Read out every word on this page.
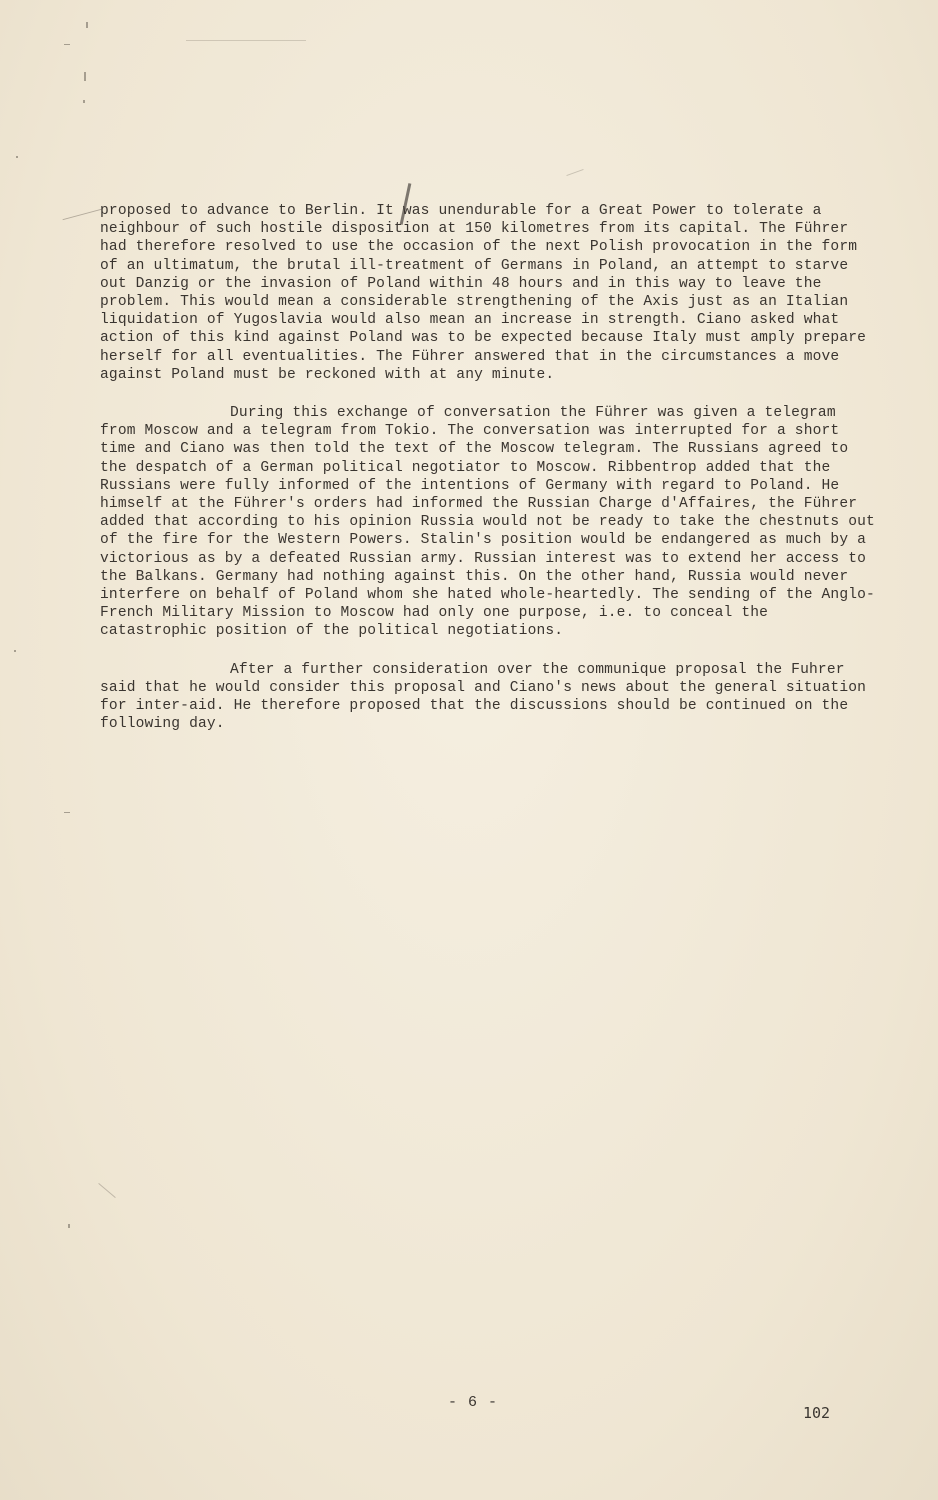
proposed to advance to Berlin. It was unendurable for a Great Power to tolerate a neighbour of such hostile disposition at 150 kilometres from its capital. The Führer had therefore resolved to use the occasion of the next Polish provocation in the form of an ultimatum, the brutal ill-treatment of Germans in Poland, an attempt to starve out Danzig or the invasion of Poland within 48 hours and in this way to leave the problem. This would mean a considerable strengthening of the Axis just as an Italian liquidation of Yugoslavia would also mean an increase in strength. Ciano asked what action of this kind against Poland was to be expected because Italy must amply prepare herself for all eventualities. The Führer answered that in the circumstances a move against Poland must be reckoned with at any minute.

During this exchange of conversation the Führer was given a telegram from Moscow and a telegram from Tokio. The conversation was interrupted for a short time and Ciano was then told the text of the Moscow telegram. The Russians agreed to the despatch of a German political negotiator to Moscow. Ribbentrop added that the Russians were fully informed of the intentions of Germany with regard to Poland. He himself at the Führer's orders had informed the Russian Charge d'Affaires, the Führer added that according to his opinion Russia would not be ready to take the chestnuts out of the fire for the Western Powers. Stalin's position would be endangered as much by a victorious as by a defeated Russian army. Russian interest was to extend her access to the Balkans. Germany had nothing against this. On the other hand, Russia would never interfere on behalf of Poland whom she hated whole-heartedly. The sending of the Anglo-French Military Mission to Moscow had only one purpose, i.e. to conceal the catastrophic position of the political negotiations.

After a further consideration over the communique proposal the Fuhrer said that he would consider this proposal and Ciano's news about the general situation for inter-aid. He therefore proposed that the discussions should be continued on the following day.

- 6 -
102
